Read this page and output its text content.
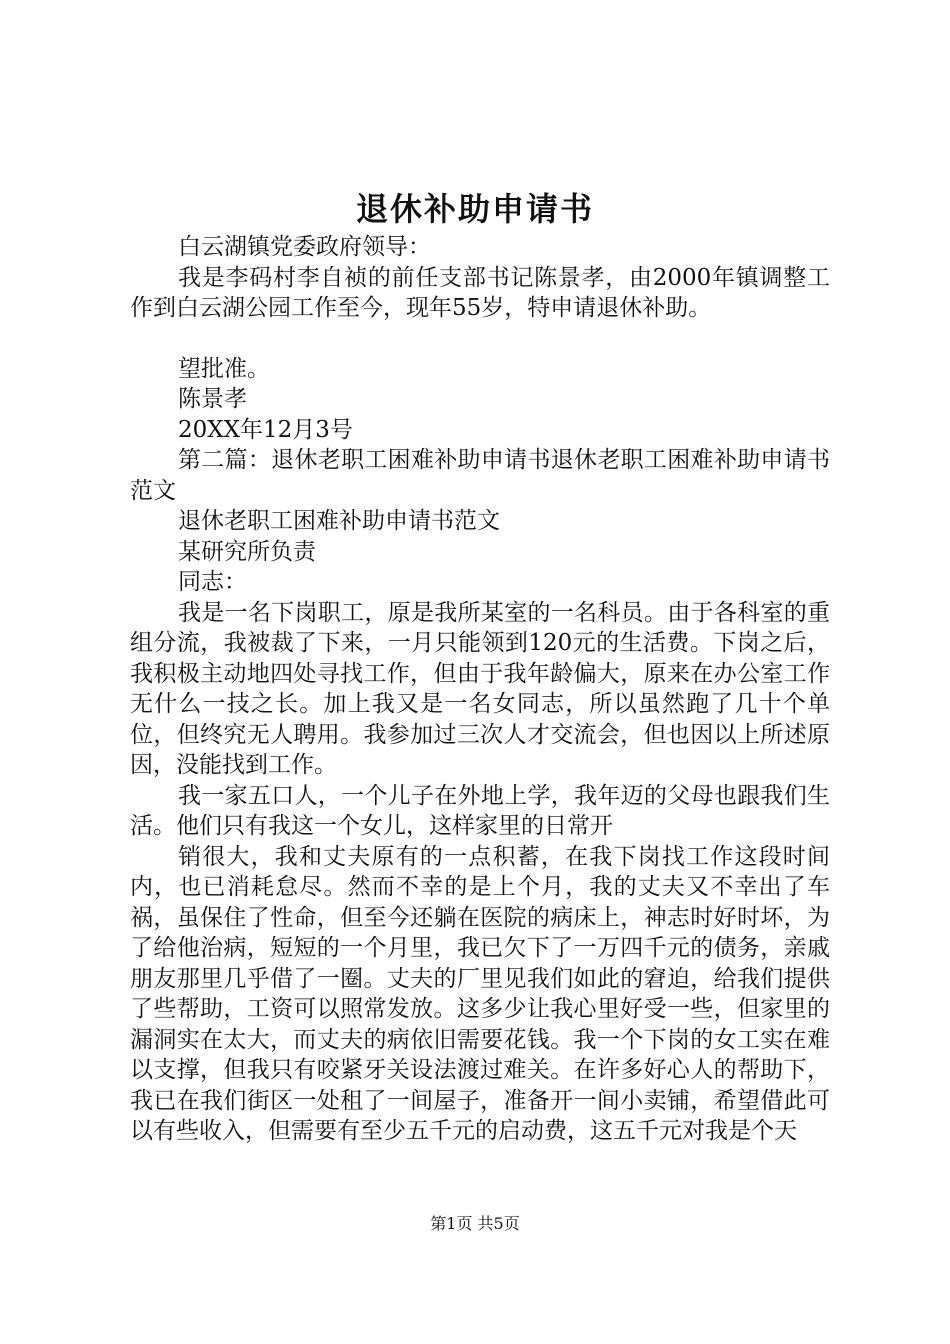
退休补助申请书

白云湖镇党委政府领导：

我是李码村李自祯的前任支部书记陈景孝，由2000年镇调整工作到白云湖公园工作至今，现年55岁，特申请退休补助。

望批准。

陈景孝

20XX年12月3号

第二篇：退休老职工困难补助申请书退休老职工困难补助申请书范文

退休老职工困难补助申请书范文

某研究所负责

同志：

我是一名下岗职工，原是我所某室的一名科员。由于各科室的重组分流，我被裁了下来，一月只能领到120元的生活费。下岗之后，我积极主动地四处寻找工作，但由于我年龄偏大，原来在办公室工作无什么一技之长。加上我又是一名女同志，所以虽然跑了几十个单位，但终究无人聘用。我参加过三次人才交流会，但也因以上所述原因，没能找到工作。

我一家五口人，一个儿子在外地上学，我年迈的父母也跟我们生活。他们只有我这一个女儿，这样家里的日常开

销很大，我和丈夫原有的一点积蓄，在我下岗找工作这段时间内，也已消耗怠尽。然而不幸的是上个月，我的丈夫又不幸出了车祸，虽保住了性命，但至今还躺在医院的病床上，神志时好时坏，为了给他治病，短短的一个月里，我已欠下了一万四千元的债务，亲戚朋友那里几乎借了一圈。丈夫的厂里见我们如此的窘迫，给我们提供了些帮助，工资可以照常发放。这多少让我心里好受一些，但家里的漏洞实在太大，而丈夫的病依旧需要花钱。我一个下岗的女工实在难以支撑，但我只有咬紧牙关设法渡过难关。在许多好心人的帮助下，我已在我们街区一处租了一间屋子，准备开一间小卖铺，希望借此可以有些收入，但需要有至少五千元的启动费，这五千元对我是个天

第1页 共5页
